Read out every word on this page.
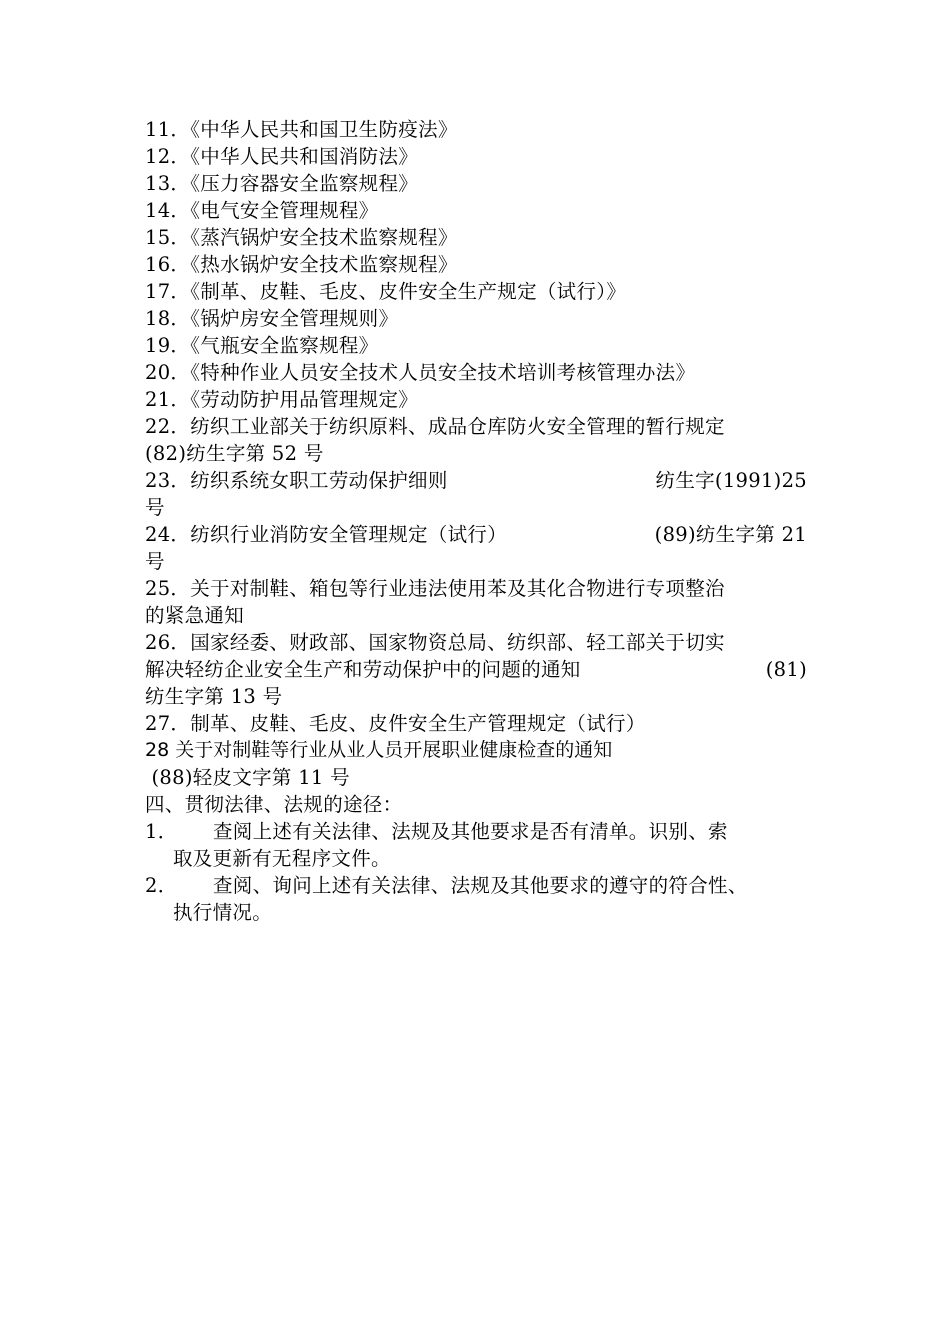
11．《中华人民共和国卫生防疫法》
12．《中华人民共和国消防法》
13．《压力容器安全监察规程》
14．《电气安全管理规程》
15．《蒸汽锅炉安全技术监察规程》
16．《热水锅炉安全技术监察规程》
17．《制革、皮鞋、毛皮、皮件安全生产规定（试行）》
18．《锅炉房安全管理规则》
19．《气瓶安全监察规程》
20．《特种作业人员安全技术人员安全技术培训考核管理办法》
21．《劳动防护用品管理规定》
22．纺织工业部关于纺织原料、成品仓库防火安全管理的暂行规定
(82)纺生字第 52 号
23．纺织系统女职工劳动保护细则	纺生字(1991)25
号
24．纺织行业消防安全管理规定（试行）	(89)纺生字第 21
号
25．关于对制鞋、箱包等行业违法使用苯及其化合物进行专项整治
的紧急通知
26．国家经委、财政部、国家物资总局、纺织部、轻工部关于切实
解决轻纺企业安全生产和劳动保护中的问题的通知	(81)
纺生字第 13 号
27．制革、皮鞋、毛皮、皮件安全生产管理规定（试行）
28 关于对制鞋等行业从业人员开展职业健康检查的通知
(88)轻皮文字第 11 号
四、贯彻法律、法规的途径：
1．	查阅上述有关法律、法规及其他要求是否有清单。识别、索
取及更新有无程序文件。
2．	查阅、询问上述有关法律、法规及其他要求的遵守的符合性、
执行情况。
